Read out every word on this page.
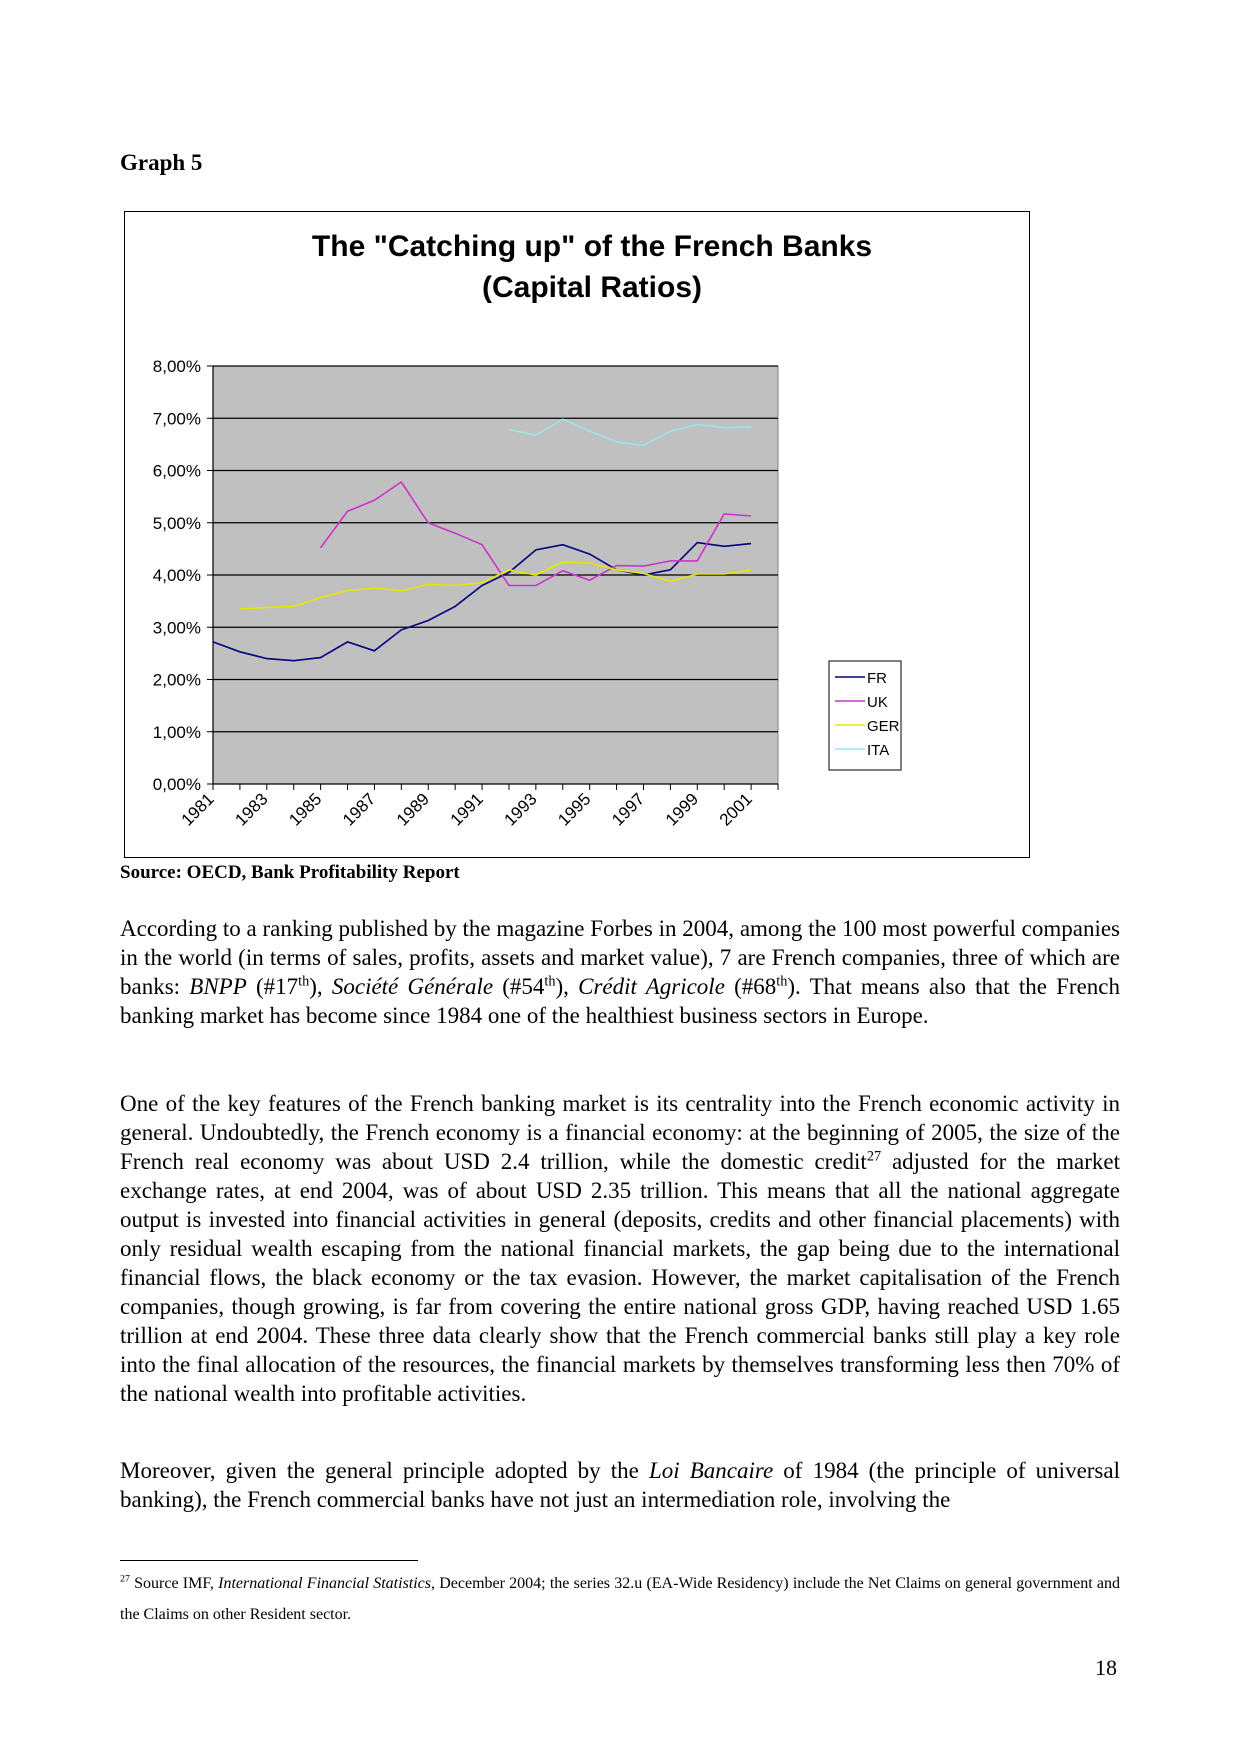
Graph 5
The "Catching up" of the French Banks
(Capital Ratios)
0,00%
1,00%
2,00%
3,00%
4,00%
5,00%
6,00%
7,00%
8,00%
1981 1983 1985 1987 1989 1991 1993 1995 1997 1999 2001
FR
UK
GER
ITA
Source: OECD, Bank Profitability Report

According to a ranking published by the magazine Forbes in 2004, among the 100 most powerful companies in the world (in terms of sales, profits, assets and market value), 7 are French companies, three of which are banks: BNPP (#17th), Société Générale (#54th), Crédit Agricole (#68th). That means also that the French banking market has become since 1984 one of the healthiest business sectors in Europe.

One of the key features of the French banking market is its centrality into the French economic activity in general. Undoubtedly, the French economy is a financial economy: at the beginning of 2005, the size of the French real economy was about USD 2.4 trillion, while the domestic credit$^{27}$ adjusted for the market exchange rates, at end 2004, was of about USD 2.35 trillion. This means that all the national aggregate output is invested into financial activities in general (deposits, credits and other financial placements) with only residual wealth escaping from the national financial markets, the gap being due to the international financial flows, the black economy or the tax evasion. However, the market capitalisation of the French companies, though growing, is far from covering the entire national gross GDP, having reached USD 1.65 trillion at end 2004. These three data clearly show that the French commercial banks still play a key role into the final allocation of the resources, the financial markets by themselves transforming less then 70% of the national wealth into profitable activities.

Moreover, given the general principle adopted by the Loi Bancaire of 1984 (the principle of universal banking), the French commercial banks have not just an intermediation role, involving the

$^{27}$ Source IMF, International Financial Statistics, December 2004; the series 32.u (EA-Wide Residency) include the Net Claims on general government and the Claims on other Resident sector.

18
